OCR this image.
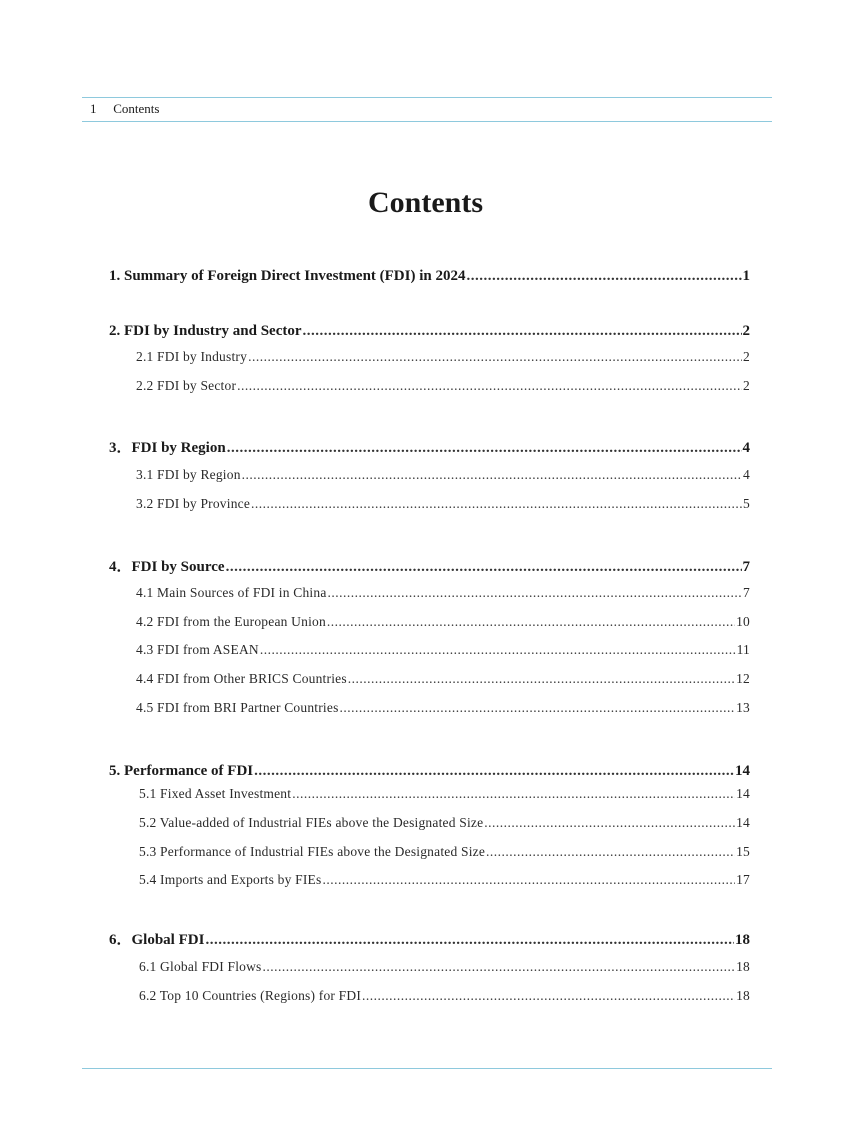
1 Contents
Contents
1. Summary of Foreign Direct Investment (FDI) in 2024 .....	1
2. FDI by Industry and Sector .....	2
2.1 FDI by Industry .....	2
2.2 FDI by Sector .....	2
3．FDI by Region .....	4
3.1 FDI by Region .....	4
3.2 FDI by Province .....	5
4．FDI by Source .....	7
4.1 Main Sources of FDI in China .....	7
4.2 FDI from the European Union .....	10
4.3 FDI from ASEAN .....	11
4.4 FDI from Other BRICS Countries .....	12
4.5 FDI from BRI Partner Countries .....	13
5. Performance of FDI .....	14
5.1 Fixed Asset Investment .....	14
5.2 Value-added of Industrial FIEs above the Designated Size .....	14
5.3 Performance of Industrial FIEs above the Designated Size .....	15
5.4 Imports and Exports by FIEs .....	17
6．Global FDI .....	18
6.1 Global FDI Flows .....	18
6.2 Top 10 Countries (Regions) for FDI .....	18
